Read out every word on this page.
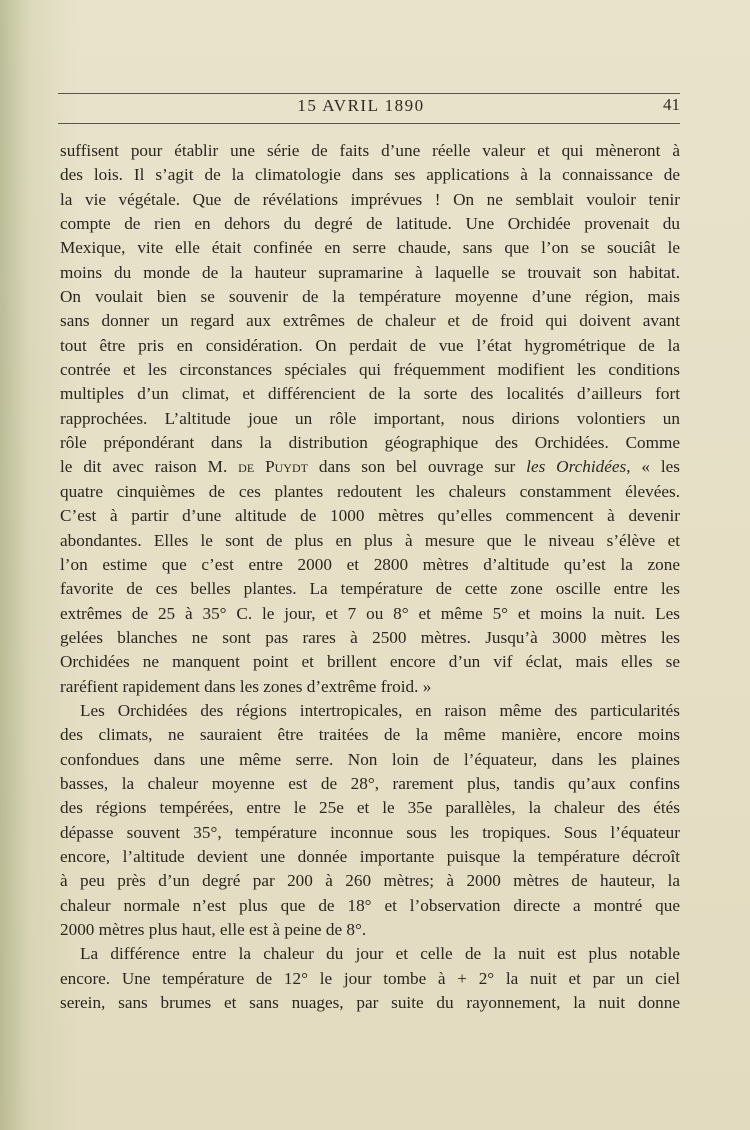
15 AVRIL 1890	41
suffisent pour établir une série de faits d’une réelle valeur et qui mèneront à
des lois. Il s’agit de la climatologie dans ses applications à la connaissance de
la vie végétale. Que de révélations imprévues ! On ne semblait vouloir tenir
compte de rien en dehors du degré de latitude. Une Orchidée provenait du
Mexique, vite elle était confinée en serre chaude, sans que l’on se souciât le
moins du monde de la hauteur supramarine à laquelle se trouvait son habitat.
On voulait bien se souvenir de la température moyenne d’une région, mais
sans donner un regard aux extrêmes de chaleur et de froid qui doivent avant
tout être pris en considération. On perdait de vue l’état hygrométrique de la
contrée et les circonstances spéciales qui fréquemment modifient les conditions
multiples d’un climat, et différencient de la sorte des localités d’ailleurs fort
rapprochées. L’altitude joue un rôle important, nous dirions volontiers un
rôle prépondérant dans la distribution géographique des Orchidées. Comme
le dit avec raison M. de Puydt dans son bel ouvrage sur les Orchidées, « les
quatre cinquièmes de ces plantes redoutent les chaleurs constamment élevées.
C’est à partir d’une altitude de 1000 mètres qu’elles commencent à devenir
abondantes. Elles le sont de plus en plus à mesure que le niveau s’élève et
l’on estime que c’est entre 2000 et 2800 mètres d’altitude qu’est la zone
favorite de ces belles plantes. La température de cette zone oscille entre les
extrêmes de 25 à 35° C. le jour, et 7 ou 8° et même 5° et moins la nuit. Les
gelées blanches ne sont pas rares à 2500 mètres. Jusqu’à 3000 mètres les
Orchidées ne manquent point et brillent encore d’un vif éclat, mais elles se
raréfient rapidement dans les zones d’extrême froid. »
Les Orchidées des régions intertropicales, en raison même des particularités
des climats, ne sauraient être traitées de la même manière, encore moins
confondues dans une même serre. Non loin de l’équateur, dans les plaines
basses, la chaleur moyenne est de 28°, rarement plus, tandis qu’aux confins
des régions tempérées, entre le 25e et le 35e parallèles, la chaleur des étés
dépasse souvent 35°, température inconnue sous les tropiques. Sous l’équateur
encore, l’altitude devient une donnée importante puisque la température décroît
à peu près d’un degré par 200 à 260 mètres; à 2000 mètres de hauteur, la
chaleur normale n’est plus que de 18° et l’observation directe a montré que
2000 mètres plus haut, elle est à peine de 8°.
La différence entre la chaleur du jour et celle de la nuit est plus notable
encore. Une température de 12° le jour tombe à + 2° la nuit et par un ciel
serein, sans brumes et sans nuages, par suite du rayonnement, la nuit donne
